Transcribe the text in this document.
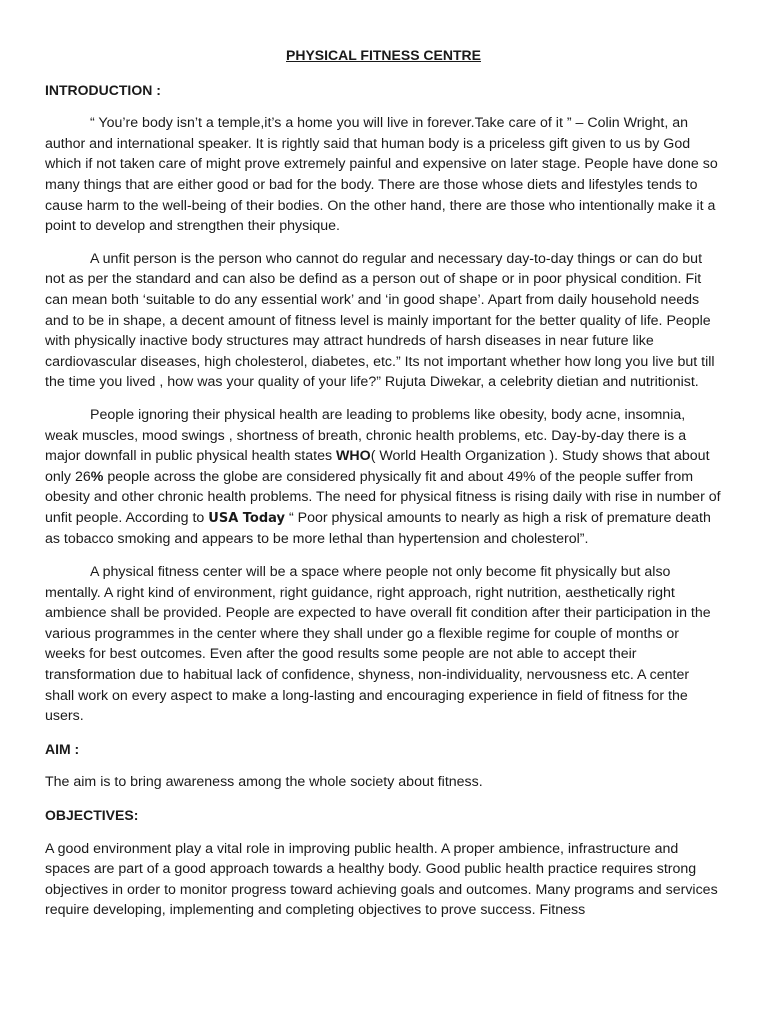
PHYSICAL FITNESS CENTRE
INTRODUCTION :

“ You’re body isn’t a temple,it’s a home you will live in forever.Take care of it ” – Colin Wright, an author and international speaker. It is rightly said that human body is a priceless gift given to us by God which if not taken care of might prove extremely painful and expensive on later stage. People have done so many things that are either good or bad for the body. There are those whose diets and lifestyles tends to cause harm to the well-being of their bodies. On the other hand, there are those who intentionally make it a point to develop and strengthen their physique.

A unfit person is the person who cannot do regular and necessary day-to-day things or can do but not as per the standard and can also be defind as a person out of shape or in poor physical condition. Fit can mean both ‘suitable to do any essential work’ and ‘in good shape’. Apart from daily household needs and to be in shape, a decent amount of fitness level is mainly important for the better quality of life. People with physically inactive body structures may attract hundreds of harsh diseases in near future like cardiovascular diseases, high cholesterol, diabetes, etc.” Its not important whether how long you live but till the time you lived , how was your quality of your life?” Rujuta Diwekar, a celebrity dietian and nutritionist.

People ignoring their physical health are leading to problems like obesity, body acne, insomnia, weak muscles, mood swings , shortness of breath, chronic health problems, etc. Day-by-day there is a major downfall in public physical health states WHO( World Health Organization ). Study shows that about only 26% people across the globe are considered physically fit and about 49% of the people suffer from obesity and other chronic health problems. The need for physical fitness is rising daily with rise in number of unfit people. According to USA Today “ Poor physical amounts to nearly as high a risk of premature death as tobacco smoking and appears to be more lethal than hypertension and cholesterol”.

A physical fitness center will be a space where people not only become fit physically but also mentally. A right kind of environment, right guidance, right approach, right nutrition, aesthetically right ambience shall be provided. People are expected to have overall fit condition after their participation in the various programmes in the center where they shall under go a flexible regime for couple of months or weeks for best outcomes. Even after the good results some people are not able to accept their transformation due to habitual lack of confidence, shyness, non-individuality, nervousness etc. A center shall work on every aspect to make a long-lasting and encouraging experience in field of fitness for the users.

AIM :

The aim is to bring awareness among the whole society about fitness.

OBJECTIVES:

A good environment play a vital role in improving public health. A proper ambience, infrastructure and spaces are part of a good approach towards a healthy body. Good public health practice requires strong objectives in order to monitor progress toward achieving goals and outcomes. Many programs and services require developing, implementing and completing objectives to prove success. Fitness
